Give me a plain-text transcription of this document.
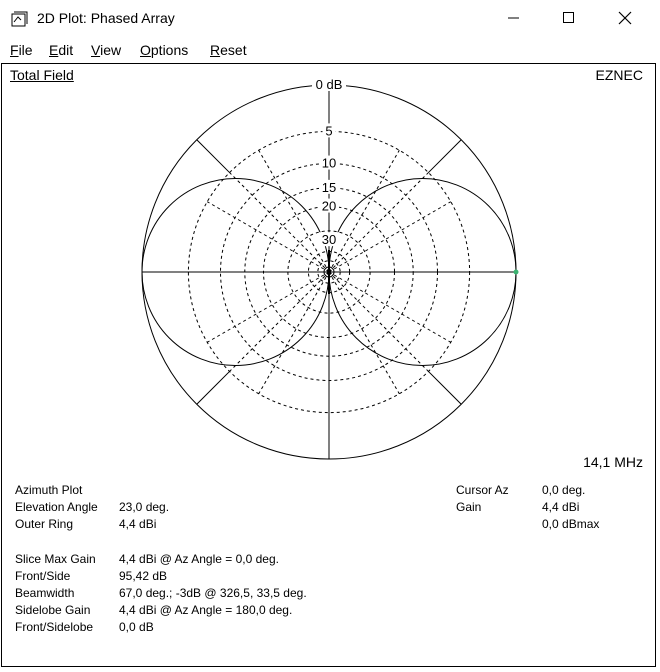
2D Plot: Phased Array
File Edit View Options Reset
0 dB
5
10
15
20
30
Total Field	EZNEC
14,1 MHz
Azimuth Plot
Elevation Angle 23,0 deg.
Outer Ring	4,4 dBi
Slice Max Gain 4,4 dBi @ Az Angle = 0,0 deg.
Front/Side	95,42 dB
Beamwidth	67,0 deg.; -3dB @ 326,5, 33,5 deg.
Sidelobe Gain 4,4 dBi @ Az Angle = 180,0 deg.
Front/Sidelobe 0,0 dB
Cursor Az	0,0 deg.
Gain	4,4 dBi
0,0 dBmax
